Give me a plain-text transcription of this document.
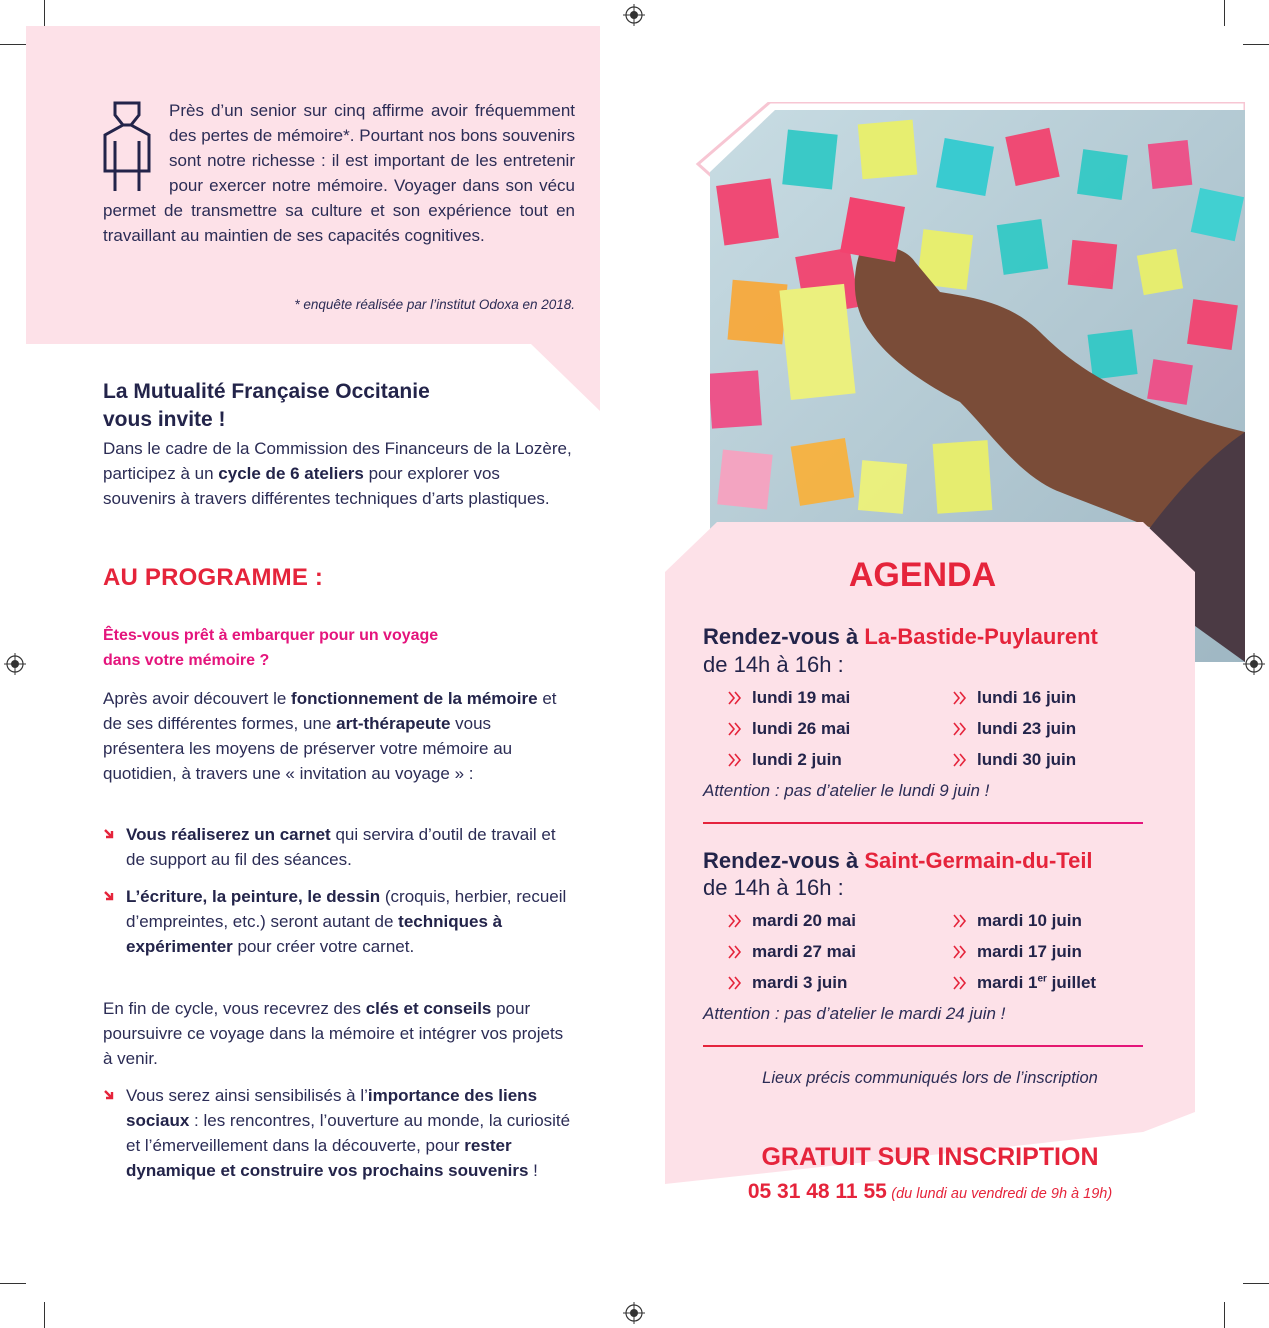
Près d’un senior sur cinq affirme avoir fréquemment des pertes de mémoire*. Pourtant nos bons souvenirs sont notre richesse : il est important de les entretenir pour exercer notre mémoire. Voyager dans son vécu permet de transmettre sa culture et son expérience tout en travaillant au maintien de ses capacités cognitives.
* enquête réalisée par l’institut Odoxa en 2018.
La Mutualité Française Occitanie
vous invite !
Dans le cadre de la Commission des Financeurs de la Lozère, participez à un cycle de 6 ateliers pour explorer vos souvenirs à travers différentes techniques d’arts plastiques.
AU PROGRAMME :
Êtes-vous prêt à embarquer pour un voyage
dans votre mémoire ?
Après avoir découvert le fonctionnement de la mémoire et de ses différentes formes, une art-thérapeute vous présentera les moyens de préserver votre mémoire au quotidien, à travers une « invitation au voyage » :
Vous réaliserez un carnet qui servira d’outil de travail et de support au fil des séances.
L’écriture, la peinture, le dessin (croquis, herbier, recueil d’empreintes, etc.) seront autant de techniques à expérimenter pour créer votre carnet.
En fin de cycle, vous recevrez des clés et conseils pour poursuivre ce voyage dans la mémoire et intégrer vos projets à venir.
Vous serez ainsi sensibilisés à l’importance des liens sociaux : les rencontres, l’ouverture au monde, la curiosité et l’émerveillement dans la découverte, pour rester dynamique et construire vos prochains souvenirs !
AGENDA
Rendez-vous à La-Bastide-Puylaurent
de 14h à 16h :
lundi 19 mai
lundi 26 mai
lundi 2 juin
lundi 16 juin
lundi 23 juin
lundi 30 juin
Attention : pas d’atelier le lundi 9 juin !
Rendez-vous à Saint-Germain-du-Teil
de 14h à 16h :
mardi 20 mai
mardi 27 mai
mardi 3 juin
mardi 10 juin
mardi 17 juin
mardi 1er juillet
Attention : pas d’atelier le mardi 24 juin !
Lieux précis communiqués lors de l’inscription
GRATUIT SUR INSCRIPTION
05 31 48 11 55 (du lundi au vendredi de 9h à 19h)
